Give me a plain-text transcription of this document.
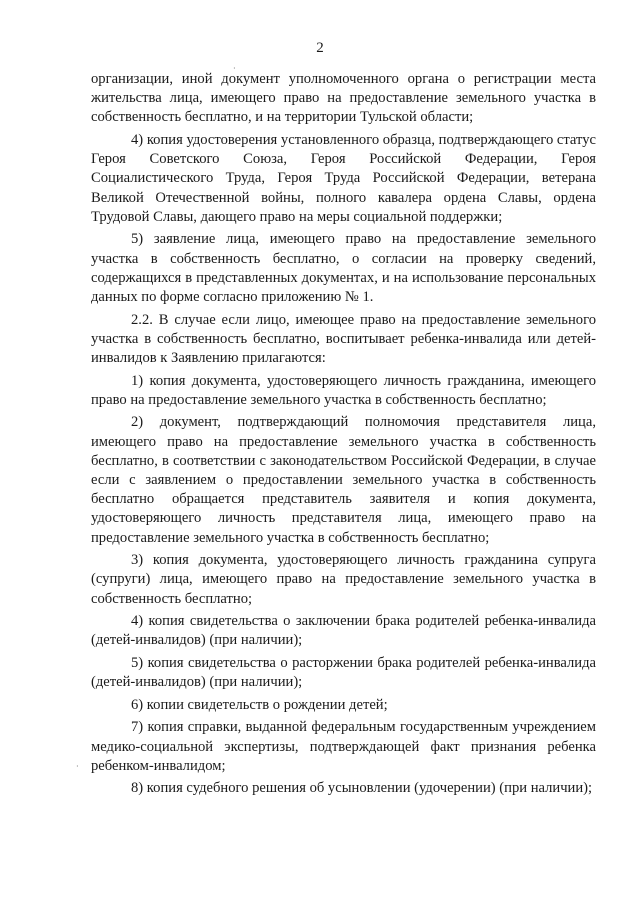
2
·
·

организации, иной документ уполномоченного органа о регистрации места жительства лица, имеющего право на предоставление земельного участка в собственность бесплатно, и на территории Тульской области;

4) копия удостоверения установленного образца, подтверждающего статус Героя Советского Союза, Героя Российской Федерации, Героя Социалистического Труда, Героя Труда Российской Федерации, ветерана Великой Отечественной войны, полного кавалера ордена Славы, ордена Трудовой Славы, дающего право на меры социальной поддержки;

5) заявление лица, имеющего право на предоставление земельного участка в собственность бесплатно, о согласии на проверку сведений, содержащихся в представленных документах, и на использование персональных данных по форме согласно приложению № 1.

2.2. В случае если лицо, имеющее право на предоставление земельного участка в собственность бесплатно, воспитывает ребенка-инвалида или детей-инвалидов к Заявлению прилагаются:

1) копия документа, удостоверяющего личность гражданина, имеющего право на предоставление земельного участка в собственность бесплатно;

2) документ, подтверждающий полномочия представителя лица, имеющего право на предоставление земельного участка в собственность бесплатно, в соответствии с законодательством Российской Федерации, в случае если с заявлением о предоставлении земельного участка в собственность бесплатно обращается представитель заявителя и копия документа, удостоверяющего личность представителя лица, имеющего право на предоставление земельного участка в собственность бесплатно;

3) копия документа, удостоверяющего личность гражданина супруга (супруги) лица, имеющего право на предоставление земельного участка в собственность бесплатно;

4) копия свидетельства о заключении брака родителей ребенка-инвалида (детей-инвалидов) (при наличии);

5) копия свидетельства о расторжении брака родителей ребенка-инвалида (детей-инвалидов) (при наличии);

6) копии свидетельств о рождении детей;

7) копия справки, выданной федеральным государственным учреждением медико-социальной экспертизы, подтверждающей факт признания ребенка ребенком-инвалидом;

8) копия судебного решения об усыновлении (удочерении) (при наличии);
